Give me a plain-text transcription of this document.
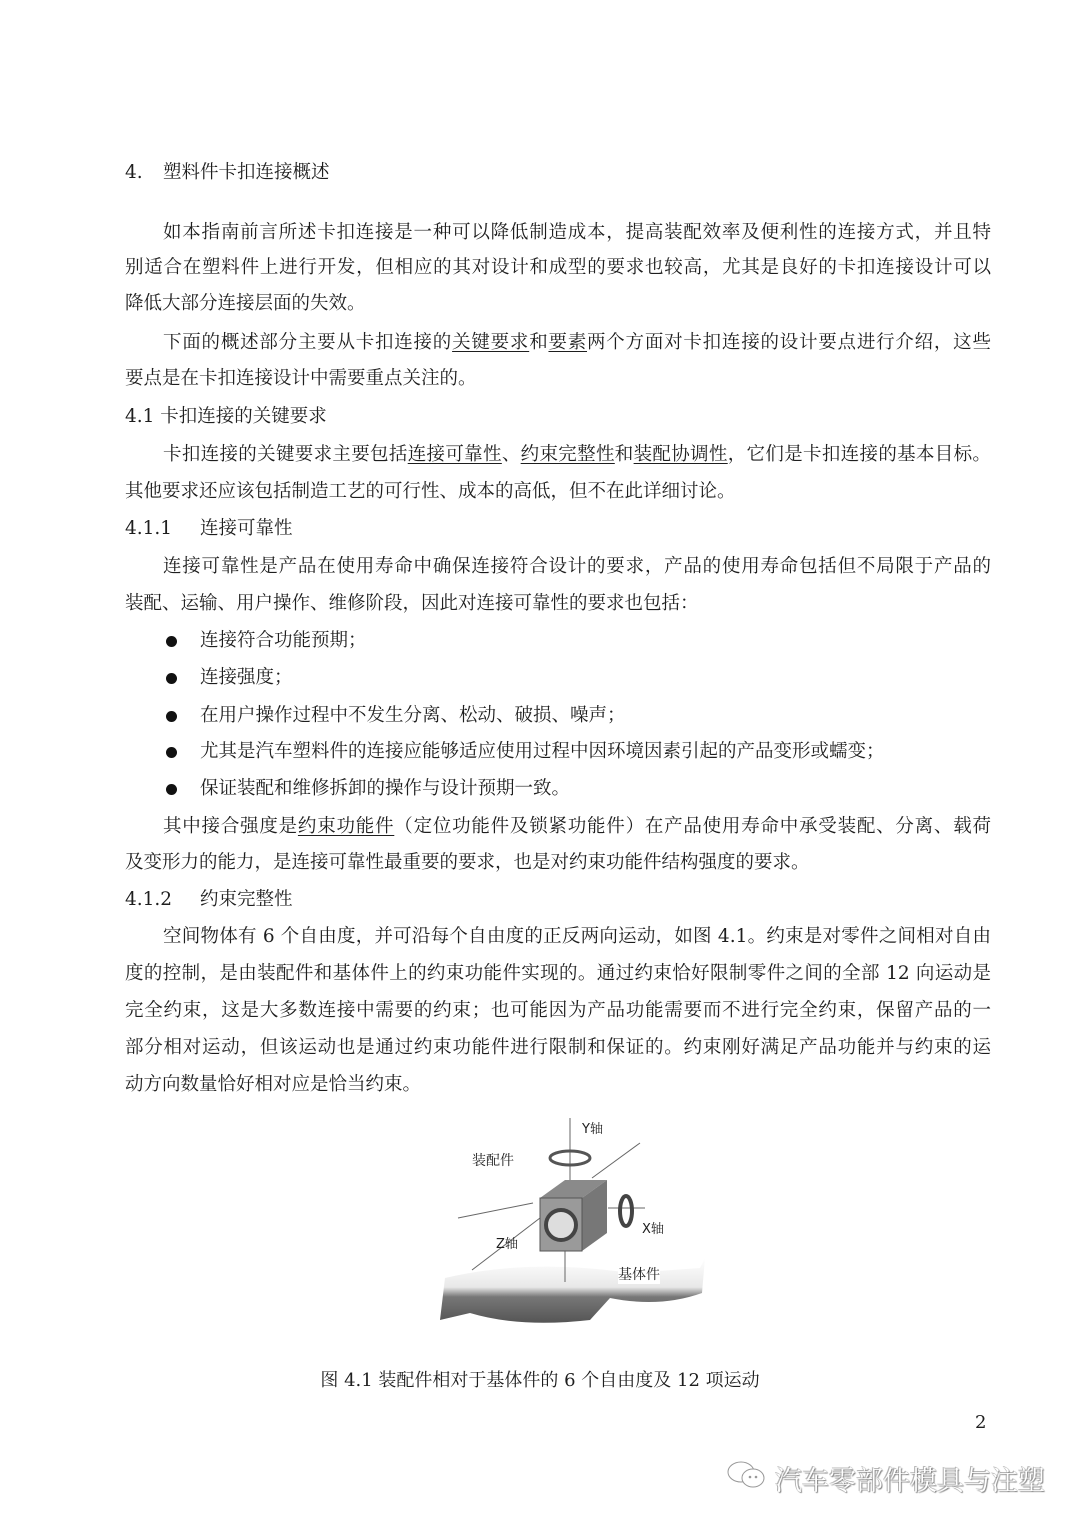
4. 塑料件卡扣连接概述
如本指南前言所述卡扣连接是一种可以降低制造成本，提高装配效率及便利性的连接方式，并且特
别适合在塑料件上进行开发，但相应的其对设计和成型的要求也较高，尤其是良好的卡扣连接设计可以
降低大部分连接层面的失效。
下面的概述部分主要从卡扣连接的关键要求和要素两个方面对卡扣连接的设计要点进行介绍，这些
要点是在卡扣连接设计中需要重点关注的。
4.1 卡扣连接的关键要求
卡扣连接的关键要求主要包括连接可靠性、约束完整性和装配协调性，它们是卡扣连接的基本目标。
其他要求还应该包括制造工艺的可行性、成本的高低，但不在此详细讨论。
4.1.1 连接可靠性
连接可靠性是产品在使用寿命中确保连接符合设计的要求，产品的使用寿命包括但不局限于产品的
装配、运输、用户操作、维修阶段，因此对连接可靠性的要求也包括：
连接符合功能预期；
连接强度；
在用户操作过程中不发生分离、松动、破损、噪声；
尤其是汽车塑料件的连接应能够适应使用过程中因环境因素引起的产品变形或蠕变；
保证装配和维修拆卸的操作与设计预期一致。
其中接合强度是约束功能件（定位功能件及锁紧功能件）在产品使用寿命中承受装配、分离、载荷
及变形力的能力，是连接可靠性最重要的要求，也是对约束功能件结构强度的要求。
4.1.2 约束完整性
空间物体有 6 个自由度，并可沿每个自由度的正反两向运动，如图 4.1。约束是对零件之间相对自由
度的控制，是由装配件和基体件上的约束功能件实现的。通过约束恰好限制零件之间的全部 12 向运动是
完全约束，这是大多数连接中需要的约束；也可能因为产品功能需要而不进行完全约束，保留产品的一
部分相对运动，但该运动也是通过约束功能件进行限制和保证的。约束刚好满足产品功能并与约束的运
动方向数量恰好相对应是恰当约束。
装配件
Y轴
X轴
Z轴
基体件
图 4.1 装配件相对于基体件的 6 个自由度及 12 项运动
2
汽车零部件模具与注塑
